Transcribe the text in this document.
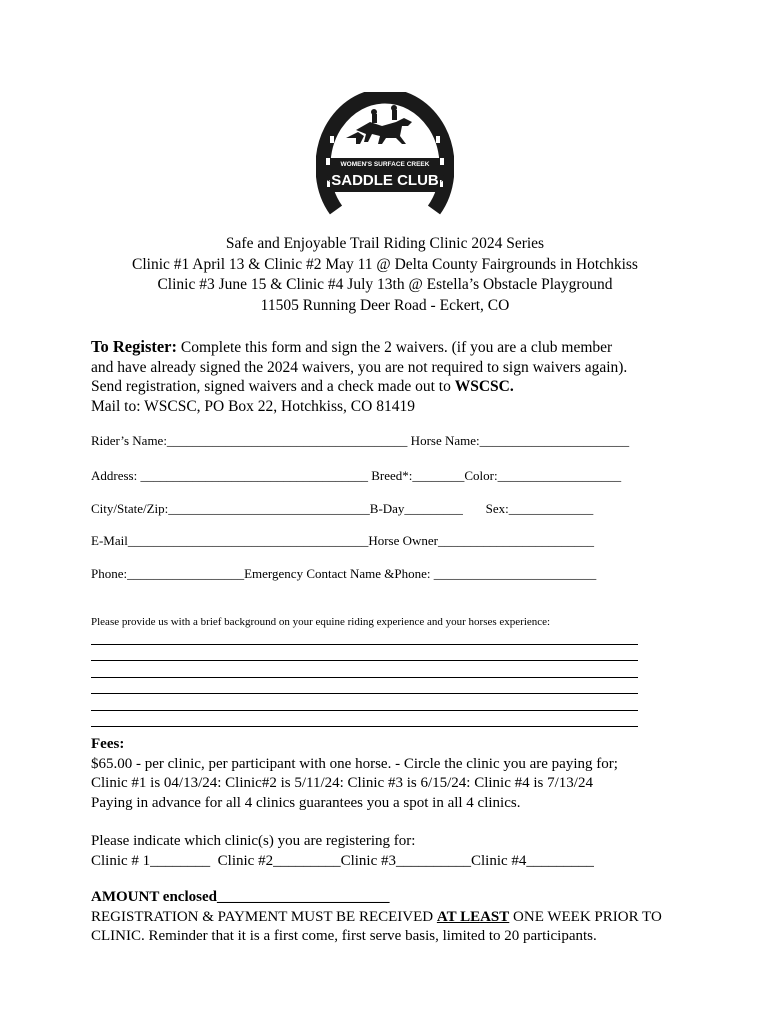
WOMEN'S SURFACE CREEK
SADDLE CLUB
★	★
Est. 1959
Safe and Enjoyable Trail Riding Clinic 2024 Series
Clinic #1 April 13 & Clinic #2 May 11 @ Delta County Fairgrounds in Hotchkiss
Clinic #3 June 15 & Clinic #4 July 13th @ Estella’s Obstacle Playground
11505 Running Deer Road - Eckert, CO
To Register: Complete this form and sign the 2 waivers. (if you are a club member
and have already signed the 2024 waivers, you are not required to sign waivers again).
Send registration, signed waivers and a check made out to WSCSC.
Mail to: WSCSC, PO Box 22, Hotchkiss, CO 81419
Rider’s Name:_____________________________________ Horse Name:_______________________
Address: ___________________________________ Breed*:________Color:___________________
City/State/Zip:_______________________________B-Day_________       Sex:_____________
E-Mail_____________________________________Horse Owner________________________
Phone:__________________Emergency Contact Name &Phone: _________________________
Please provide us with a brief background on your equine riding experience and your horses experience:
Fees:
$65.00 - per clinic, per participant with one horse. - Circle the clinic you are paying for;
Clinic #1 is 04/13/24: Clinic#2 is 5/11/24: Clinic #3 is 6/15/24: Clinic #4 is 7/13/24
Paying in advance for all 4 clinics guarantees you a spot in all 4 clinics.
Please indicate which clinic(s) you are registering for:
Clinic # 1________  Clinic #2_________Clinic #3__________Clinic #4_________
AMOUNT enclosed_______________________
REGISTRATION & PAYMENT MUST BE RECEIVED AT LEAST ONE WEEK PRIOR TO
CLINIC. Reminder that it is a first come, first serve basis, limited to 20 participants.
